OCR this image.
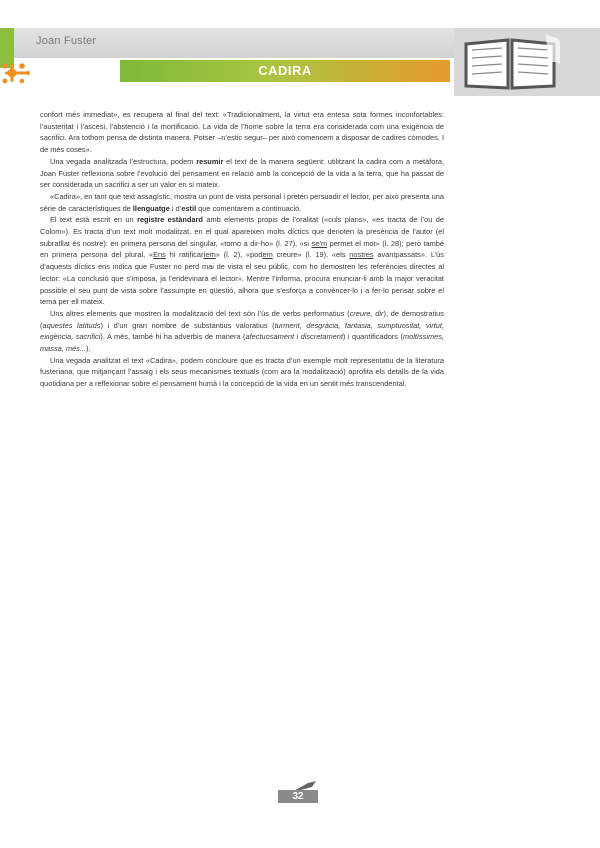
Joan Fuster
CADIRA

confort més immediat», es recupera al final del text: «Tradicionalment, la virtut era entesa sota formes inconfortables: l’austeritat i l’ascesi, l’abstenció i la mortificació. La vida de l’home sobre la terra era considerada com una exigència de sacrifici. Ara tothom pensa de distinta manera. Potser –n’estic segur– per això comencem a disposar de cadires còmodes. I de més coses».

Una vegada analitzada l’estructura, podem resumir el text de la manera següent: utilitzant la cadira com a metàfora, Joan Fuster reflexiona sobre l’evolució del pensament en relació amb la concepció de la vida a la terra, que ha passat de ser considerada un sacrifici a ser un valor en si mateix.

«Cadira», en tant que text assagístic, mostra un punt de vista personal i pretén persuadir el lector, per això presenta una sèrie de característiques de llenguatge i d’estil que comentarem a continuació.

El text està escrit en un registre estàndard amb elements propis de l’oralitat («culs plans», «es tracta de l’ou de Colom»). Es tracta d’un text molt modalitzat, en el qual apareixen molts díctics que denoten la presència de l’autor (el subratllat és nostre): en primera persona del singular, «torno a dir-ho» (l. 27), «si se’m permet el mot» (l. 28); però també en primera persona del plural, «Ens hi ratificaríem» (l. 2), «podem creure» (l. 19), «els nostres avantpassats». L’ús d’aquests díctics ens indica que Fuster no perd mai de vista el seu públic, com ho demostren les referències directes al lector: «La conclusió que s’imposa, ja l’endevinarà el lector». Mentre l’informa, procura enunciar-li amb la major veracitat possible el seu punt de vista sobre l’assumpte en qüestió, alhora que s’esforça a convèncer-lo i a fer-lo pensar sobre el tema per ell mateix.

Uns altres elements que mostren la modalització del text són l’ús de verbs performatius (creure, dir), de demostratius (aquestes latituds) i d’un gran nombre de substantius valoratius (turment, desgràcia, fantasia, sumptuositat, virtut, exigència, sacrifici). A més, també hi ha adverbis de manera (afectuosament i discretament) i quantificadors (moltíssimes, massa, més...).

Una vegada analitzat el text «Cadira», podem concloure que es tracta d’un exemple molt representatiu de la literatura fusteriana, que mitjançant l’assaig i els seus mecanismes textuals (com ara la modalització) aprofita els detalls de la vida quotidiana per a reflexionar sobre el pensament humà i la concepció de la vida en un sentit més transcendental.

32
